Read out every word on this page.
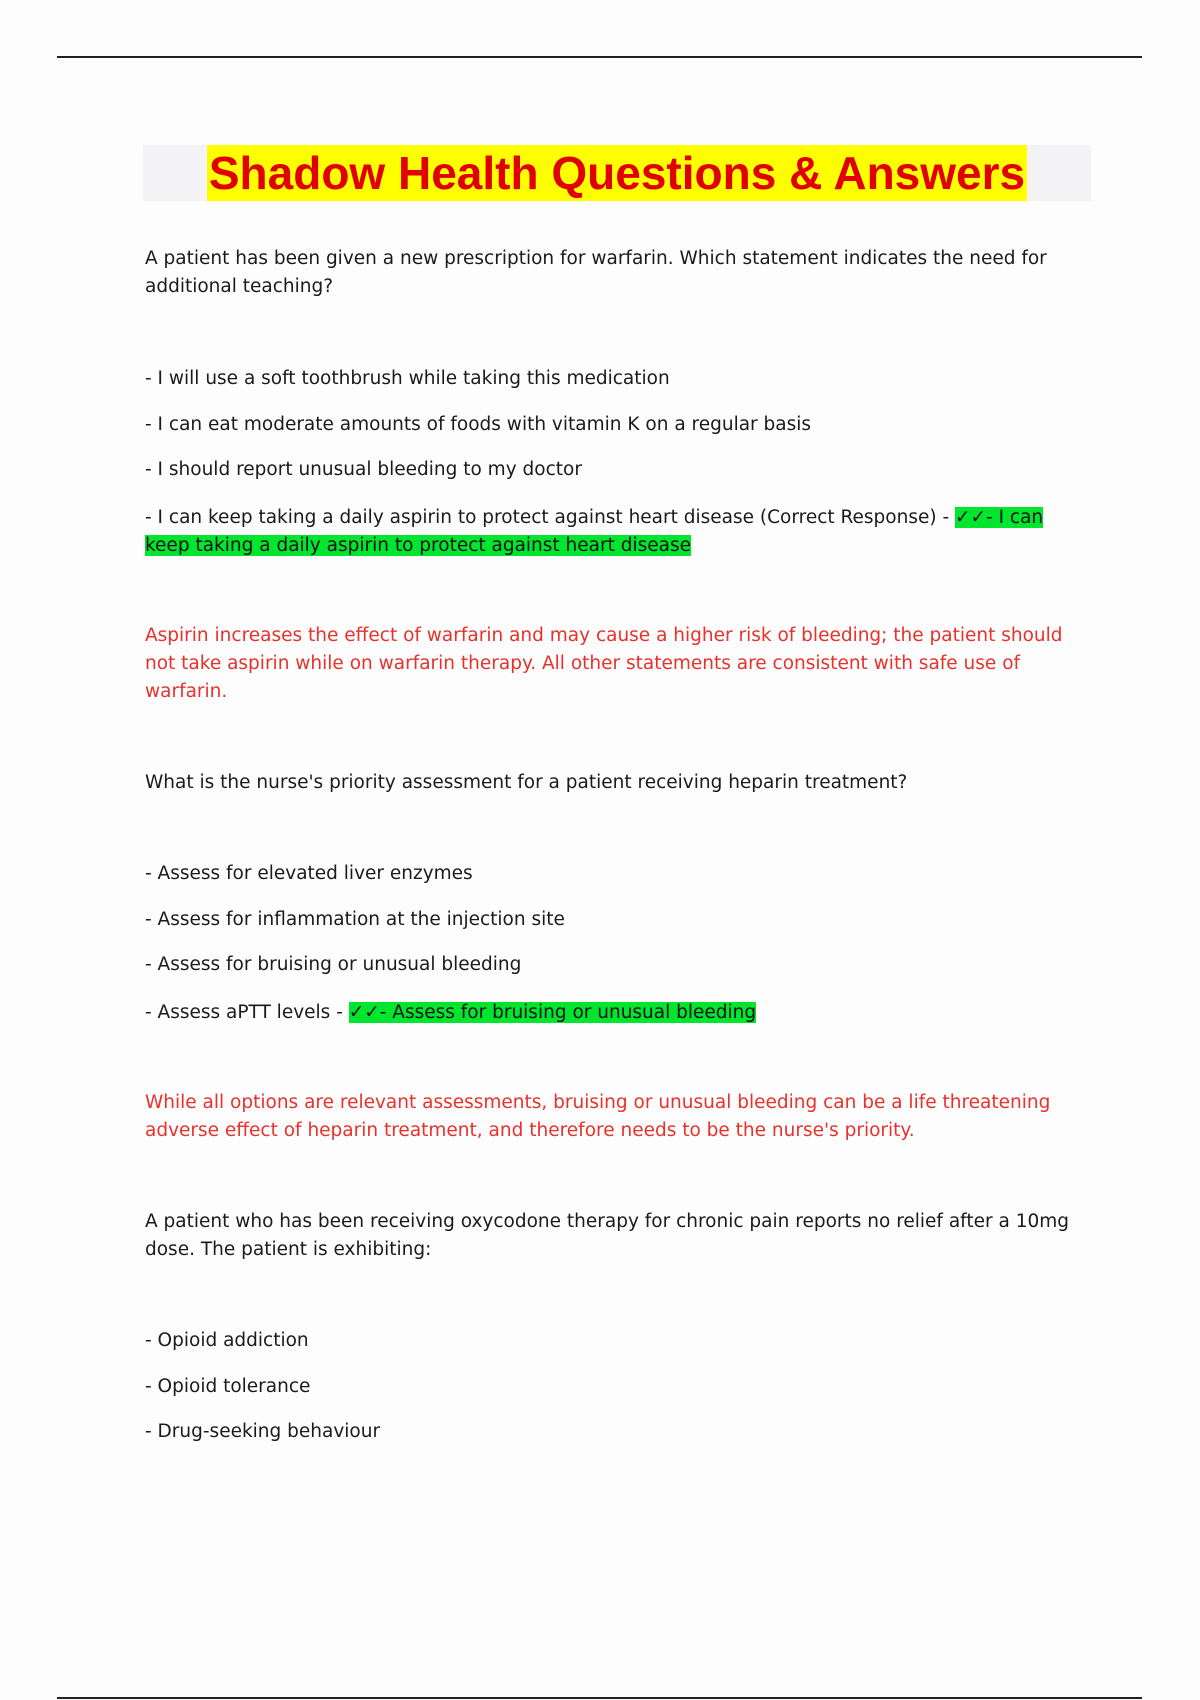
Shadow Health Questions & Answers

A patient has been given a new prescription for warfarin. Which statement indicates the need for additional teaching?

- I will use a soft toothbrush while taking this medication

- I can eat moderate amounts of foods with vitamin K on a regular basis

- I should report unusual bleeding to my doctor

- I can keep taking a daily aspirin to protect against heart disease (Correct Response) - ✓✓- I can keep taking a daily aspirin to protect against heart disease

Aspirin increases the effect of warfarin and may cause a higher risk of bleeding; the patient should not take aspirin while on warfarin therapy. All other statements are consistent with safe use of warfarin.

What is the nurse's priority assessment for a patient receiving heparin treatment?

- Assess for elevated liver enzymes

- Assess for inflammation at the injection site

- Assess for bruising or unusual bleeding

- Assess aPTT levels - ✓✓- Assess for bruising or unusual bleeding

While all options are relevant assessments, bruising or unusual bleeding can be a life threatening adverse effect of heparin treatment, and therefore needs to be the nurse's priority.

A patient who has been receiving oxycodone therapy for chronic pain reports no relief after a 10mg dose. The patient is exhibiting:

- Opioid addiction

- Opioid tolerance

- Drug-seeking behaviour
